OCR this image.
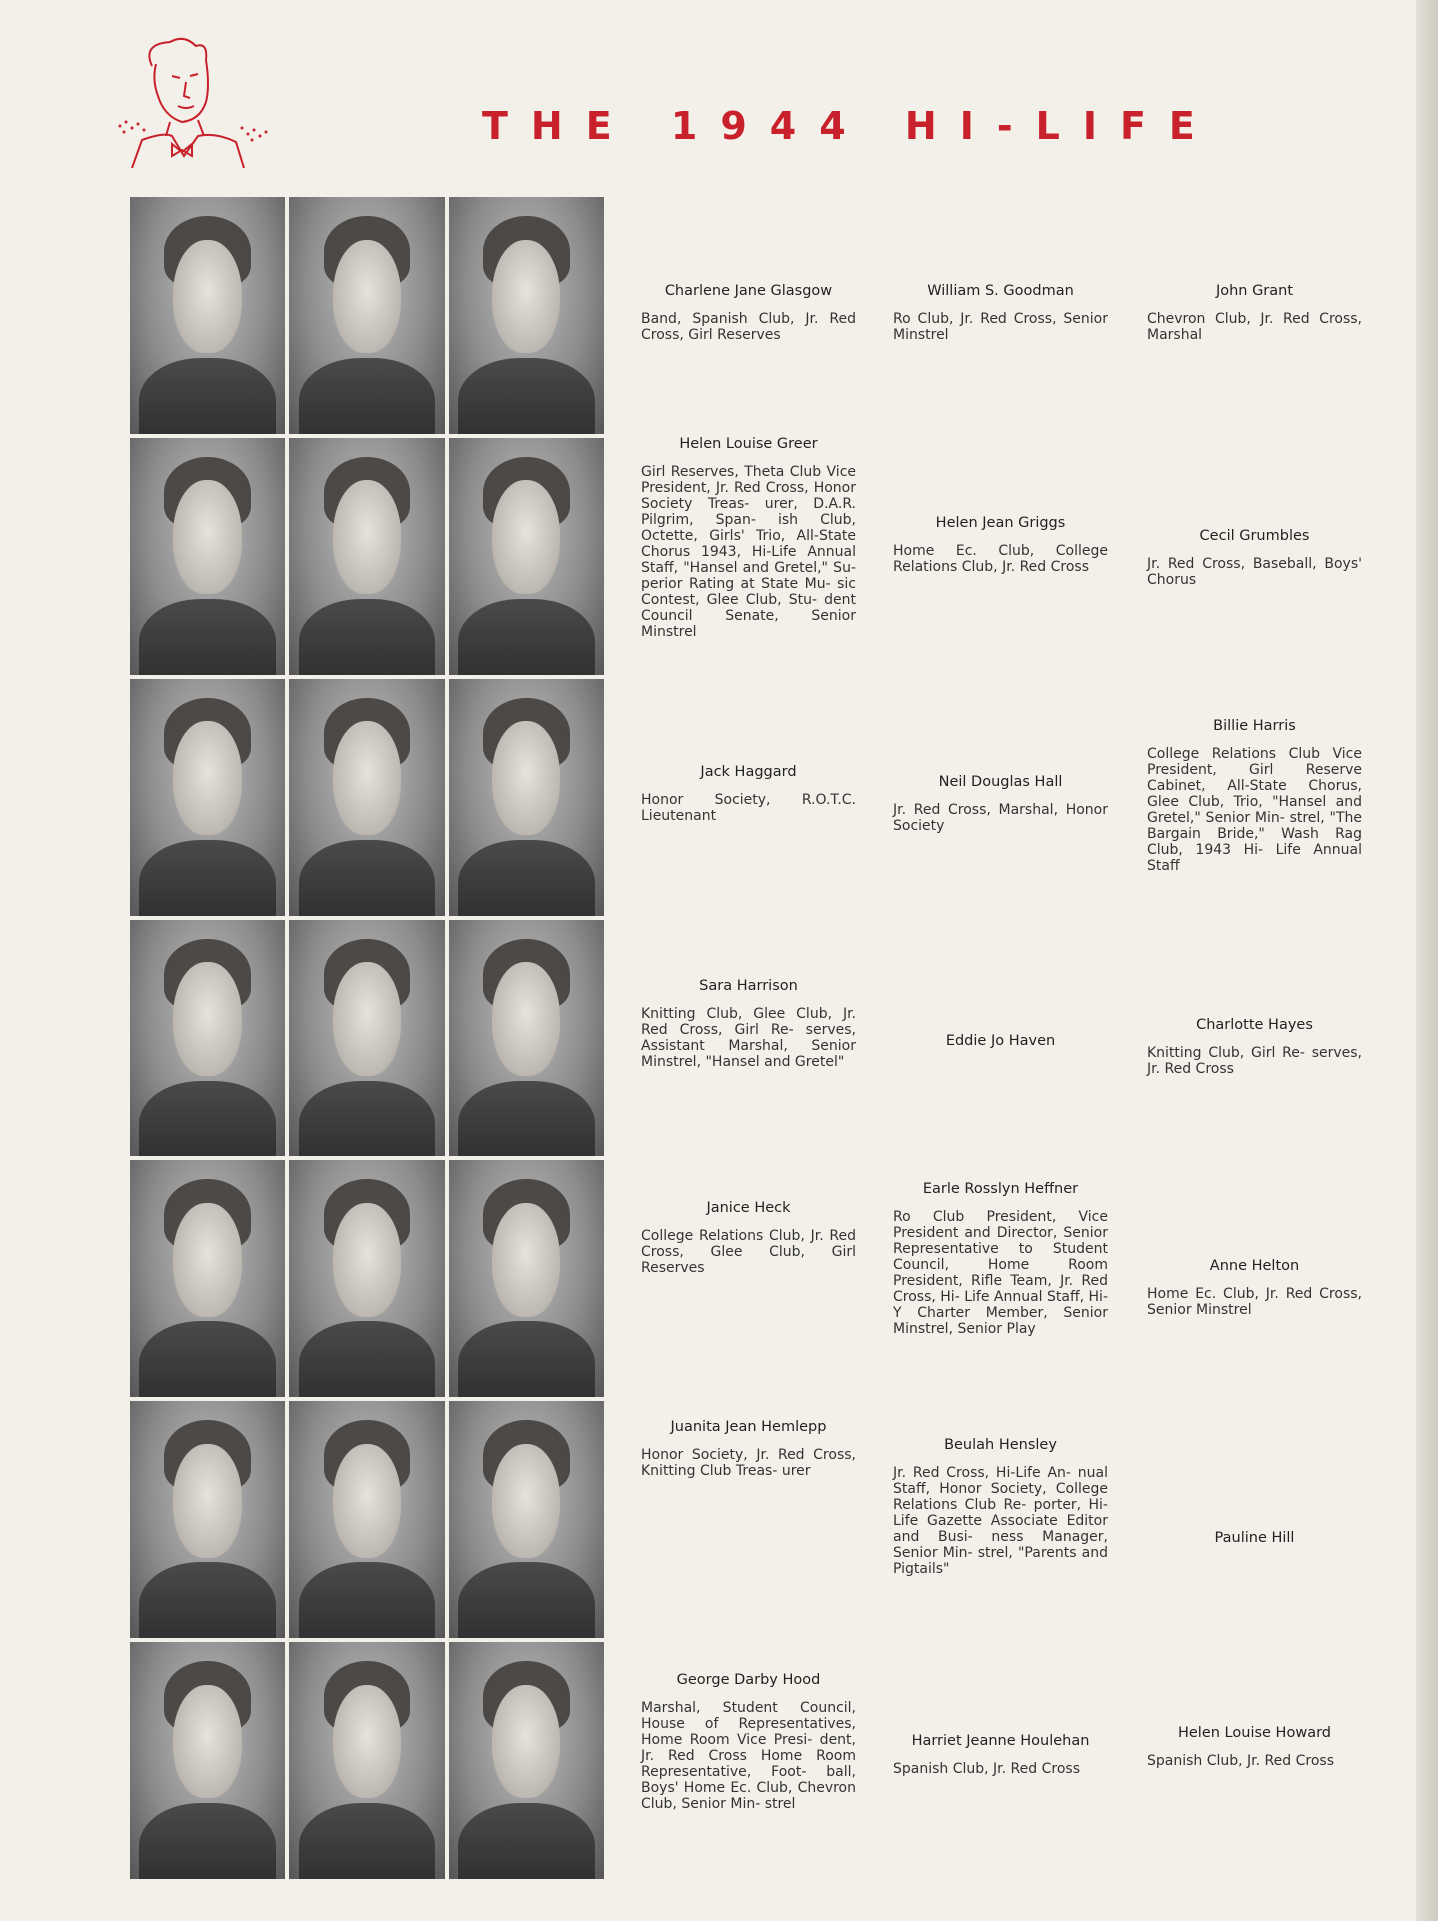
THE 1944 HI-LIFE

Charlene Jane Glasgow

Band, Spanish Club, Jr. Red Cross, Girl Reserves

William S. Goodman

Ro Club, Jr. Red Cross, Senior Minstrel

John Grant

Chevron Club, Jr. Red Cross, Marshal

Helen Louise Greer

Girl Reserves, Theta Club Vice President, Jr. Red Cross, Honor Society Treas- urer, D.A.R. Pilgrim, Span- ish Club, Octette, Girls' Trio, All-State Chorus 1943, Hi-Life Annual Staff, "Hansel and Gretel," Su- perior Rating at State Mu- sic Contest, Glee Club, Stu- dent Council Senate, Senior Minstrel

Helen Jean Griggs

Home Ec. Club, College Relations Club, Jr. Red Cross

Cecil Grumbles

Jr. Red Cross, Baseball, Boys' Chorus

Jack Haggard

Honor Society, R.O.T.C. Lieutenant

Neil Douglas Hall

Jr. Red Cross, Marshal, Honor Society

Billie Harris

College Relations Club Vice President, Girl Reserve Cabinet, All-State Chorus, Glee Club, Trio, "Hansel and Gretel," Senior Min- strel, "The Bargain Bride," Wash Rag Club, 1943 Hi- Life Annual Staff

Sara Harrison

Knitting Club, Glee Club, Jr. Red Cross, Girl Re- serves, Assistant Marshal, Senior Minstrel, "Hansel and Gretel"

Eddie Jo Haven

Charlotte Hayes

Knitting Club, Girl Re- serves, Jr. Red Cross

Janice Heck

College Relations Club, Jr. Red Cross, Glee Club, Girl Reserves

Earle Rosslyn Heffner

Ro Club President, Vice President and Director, Senior Representative to Student Council, Home Room President, Rifle Team, Jr. Red Cross, Hi- Life Annual Staff, Hi-Y Charter Member, Senior Minstrel, Senior Play

Anne Helton

Home Ec. Club, Jr. Red Cross, Senior Minstrel

Juanita Jean Hemlepp

Honor Society, Jr. Red Cross, Knitting Club Treas- urer

Beulah Hensley

Jr. Red Cross, Hi-Life An- nual Staff, Honor Society, College Relations Club Re- porter, Hi-Life Gazette Associate Editor and Busi- ness Manager, Senior Min- strel, "Parents and Pigtails"

Pauline Hill

George Darby Hood

Marshal, Student Council, House of Representatives, Home Room Vice Presi- dent, Jr. Red Cross Home Room Representative, Foot- ball, Boys' Home Ec. Club, Chevron Club, Senior Min- strel

Harriet Jeanne Houlehan

Spanish Club, Jr. Red Cross

Helen Louise Howard

Spanish Club, Jr. Red Cross
